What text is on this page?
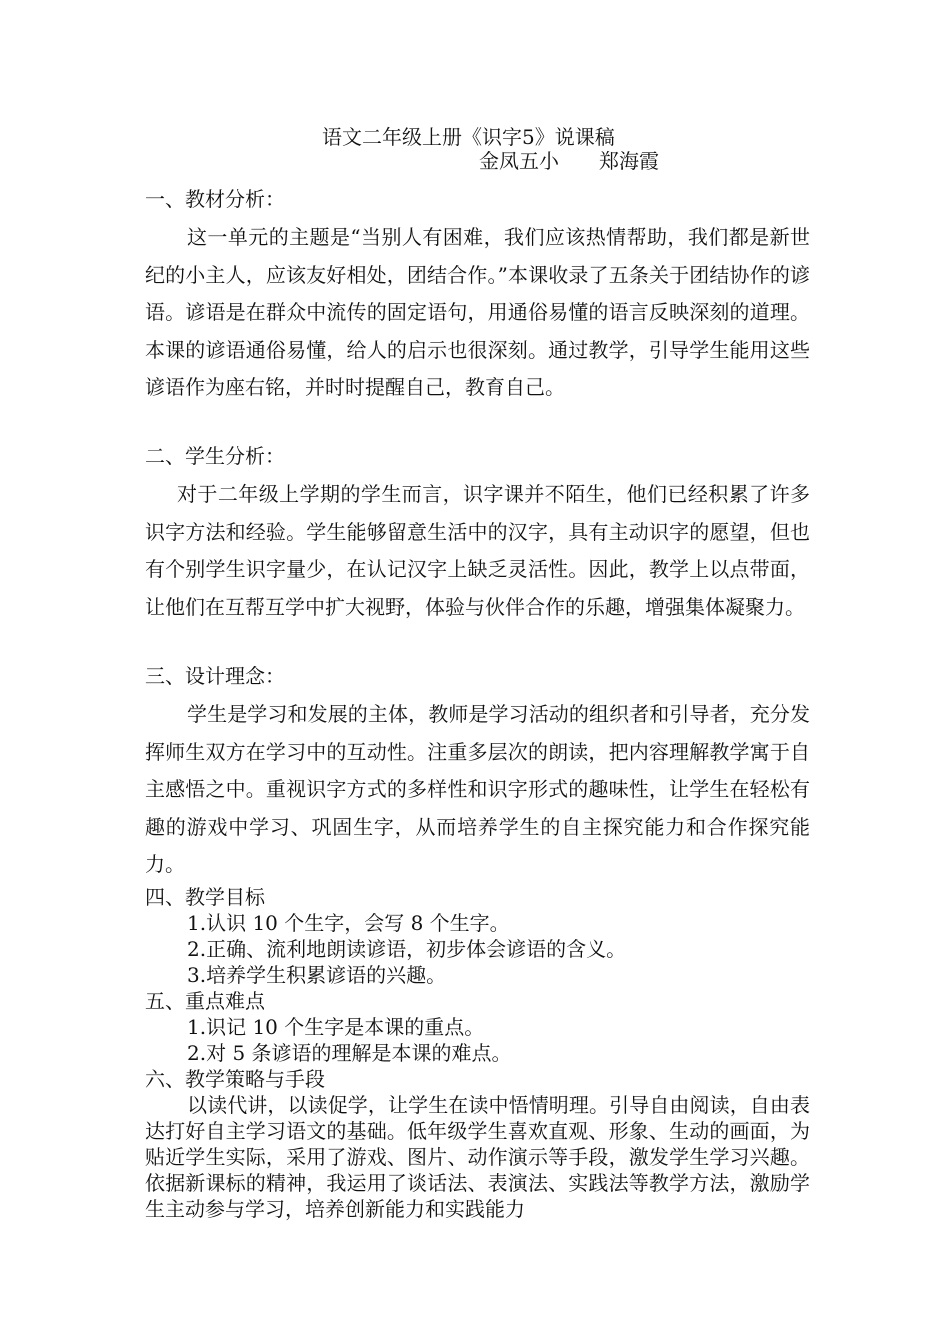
语文二年级上册《识字5》说课稿
金凤五小 郑海霞
一、教材分析：

这一单元的主题是“当别人有困难，我们应该热情帮助，我们都是新世纪的小主人，应该友好相处，团结合作。”本课收录了五条关于团结协作的谚语。谚语是在群众中流传的固定语句，用通俗易懂的语言反映深刻的道理。本课的谚语通俗易懂，给人的启示也很深刻。通过教学，引导学生能用这些谚语作为座右铭，并时时提醒自己，教育自己。

二、学生分析：

对于二年级上学期的学生而言，识字课并不陌生，他们已经积累了许多识字方法和经验。学生能够留意生活中的汉字，具有主动识字的愿望，但也有个别学生识字量少，在认记汉字上缺乏灵活性。因此，教学上以点带面，让他们在互帮互学中扩大视野，体验与伙伴合作的乐趣，增强集体凝聚力。

三、设计理念：

学生是学习和发展的主体，教师是学习活动的组织者和引导者，充分发挥师生双方在学习中的互动性。注重多层次的朗读，把内容理解教学寓于自主感悟之中。重视识字方式的多样性和识字形式的趣味性，让学生在轻松有趣的游戏中学习、巩固生字，从而培养学生的自主探究能力和合作探究能力。

四、教学目标
1.认识 10 个生字，会写 8 个生字。
2.正确、流利地朗读谚语，初步体会谚语的含义。
3.培养学生积累谚语的兴趣。
五、重点难点
1.识记 10 个生字是本课的重点。
2.对 5 条谚语的理解是本课的难点。
六、教学策略与手段

以读代讲，以读促学，让学生在读中悟情明理。引导自由阅读，自由表达打好自主学习语文的基础。低年级学生喜欢直观、形象、生动的画面，为贴近学生实际，采用了游戏、图片、动作演示等手段，激发学生学习兴趣。依据新课标的精神，我运用了谈话法、表演法、实践法等教学方法，激励学生主动参与学习，培养创新能力和实践能力
